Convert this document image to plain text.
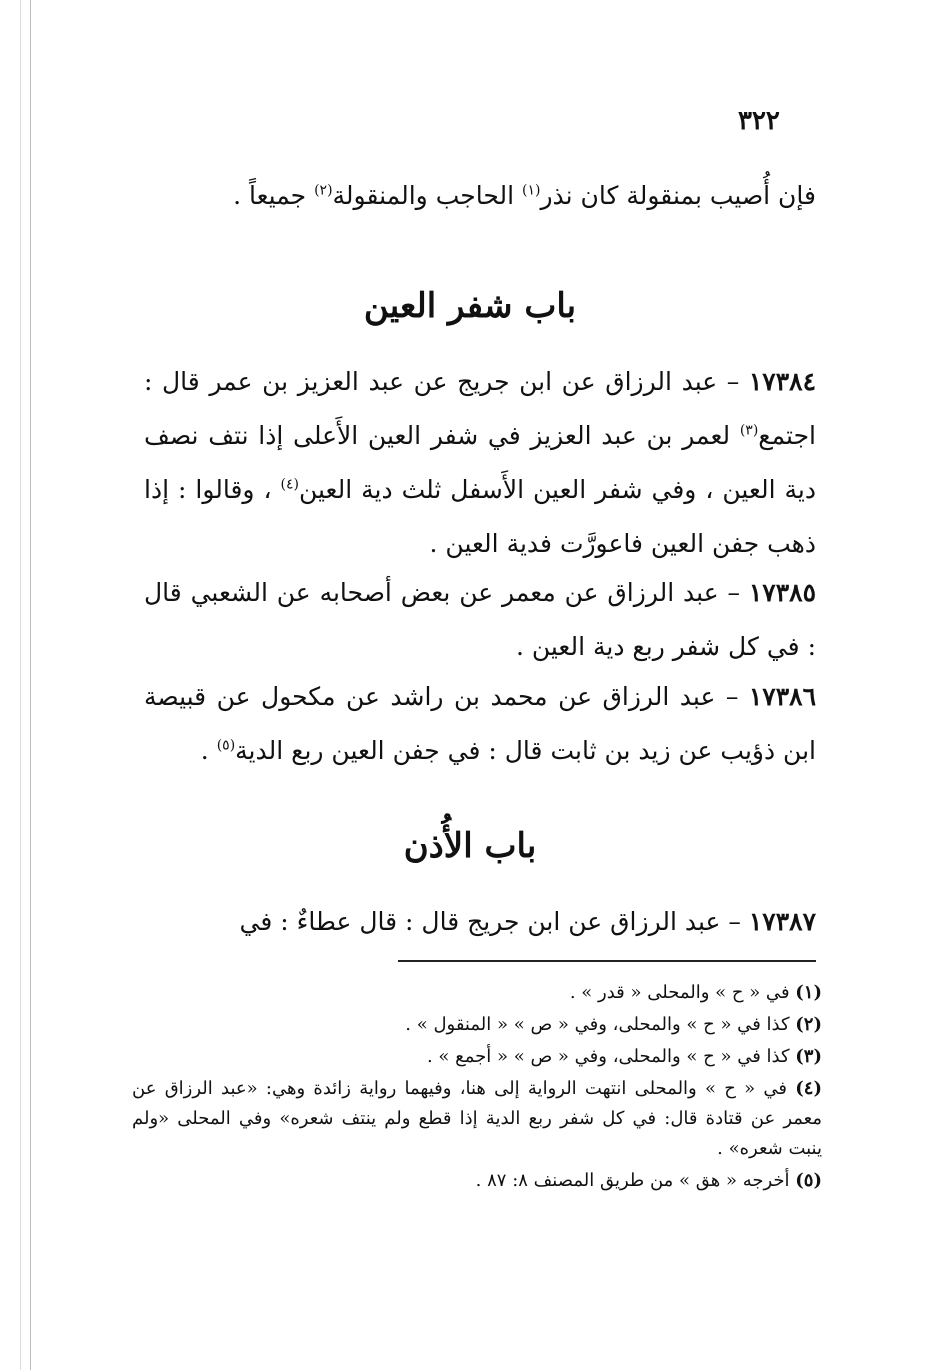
٣٢٢
فإن أُصيب بمنقولة كان نذر$^{(١)}$ الحاجب والمنقولة$^{(٢)}$ جميعاً .
باب شفر العين
١٧٣٨٤ – عبد الرزاق عن ابن جريج عن عبد العزيز بن عمر قال : اجتمع$^{(٣)}$ لعمر بن عبد العزيز في شفر العين الأَعلى إذا نتف نصف دية العين ، وفي شفر العين الأَسفل ثلث دية العين$^{(٤)}$ ، وقالوا : إذا ذهب جفن العين فاعورَّت فدية العين .
١٧٣٨٥ – عبد الرزاق عن معمر عن بعض أصحابه عن الشعبي قال : في كل شفر ربع دية العين .
١٧٣٨٦ – عبد الرزاق عن محمد بن راشد عن مكحول عن قبيصة ابن ذؤيب عن زيد بن ثابت قال : في جفن العين ربع الدية$^{(٥)}$ .
باب الأُذن
١٧٣٨٧ – عبد الرزاق عن ابن جريج قال : قال عطاءٌ : في
(١) في « ح » والمحلى « قدر » .
(٢) كذا في « ح » والمحلى، وفي « ص » « المنقول » .
(٣) كذا في « ح » والمحلى، وفي « ص » « أجمع » .
(٤) في « ح » والمحلى انتهت الرواية إلى هنا، وفيهما رواية زائدة وهي: «عبد الرزاق عن معمر عن قتادة قال: في كل شفر ربع الدية إذا قطع ولم ينتف شعره» وفي المحلى «ولم ينبت شعره» .
(٥) أخرجه « هق » من طريق المصنف ٨: ٨٧ .
